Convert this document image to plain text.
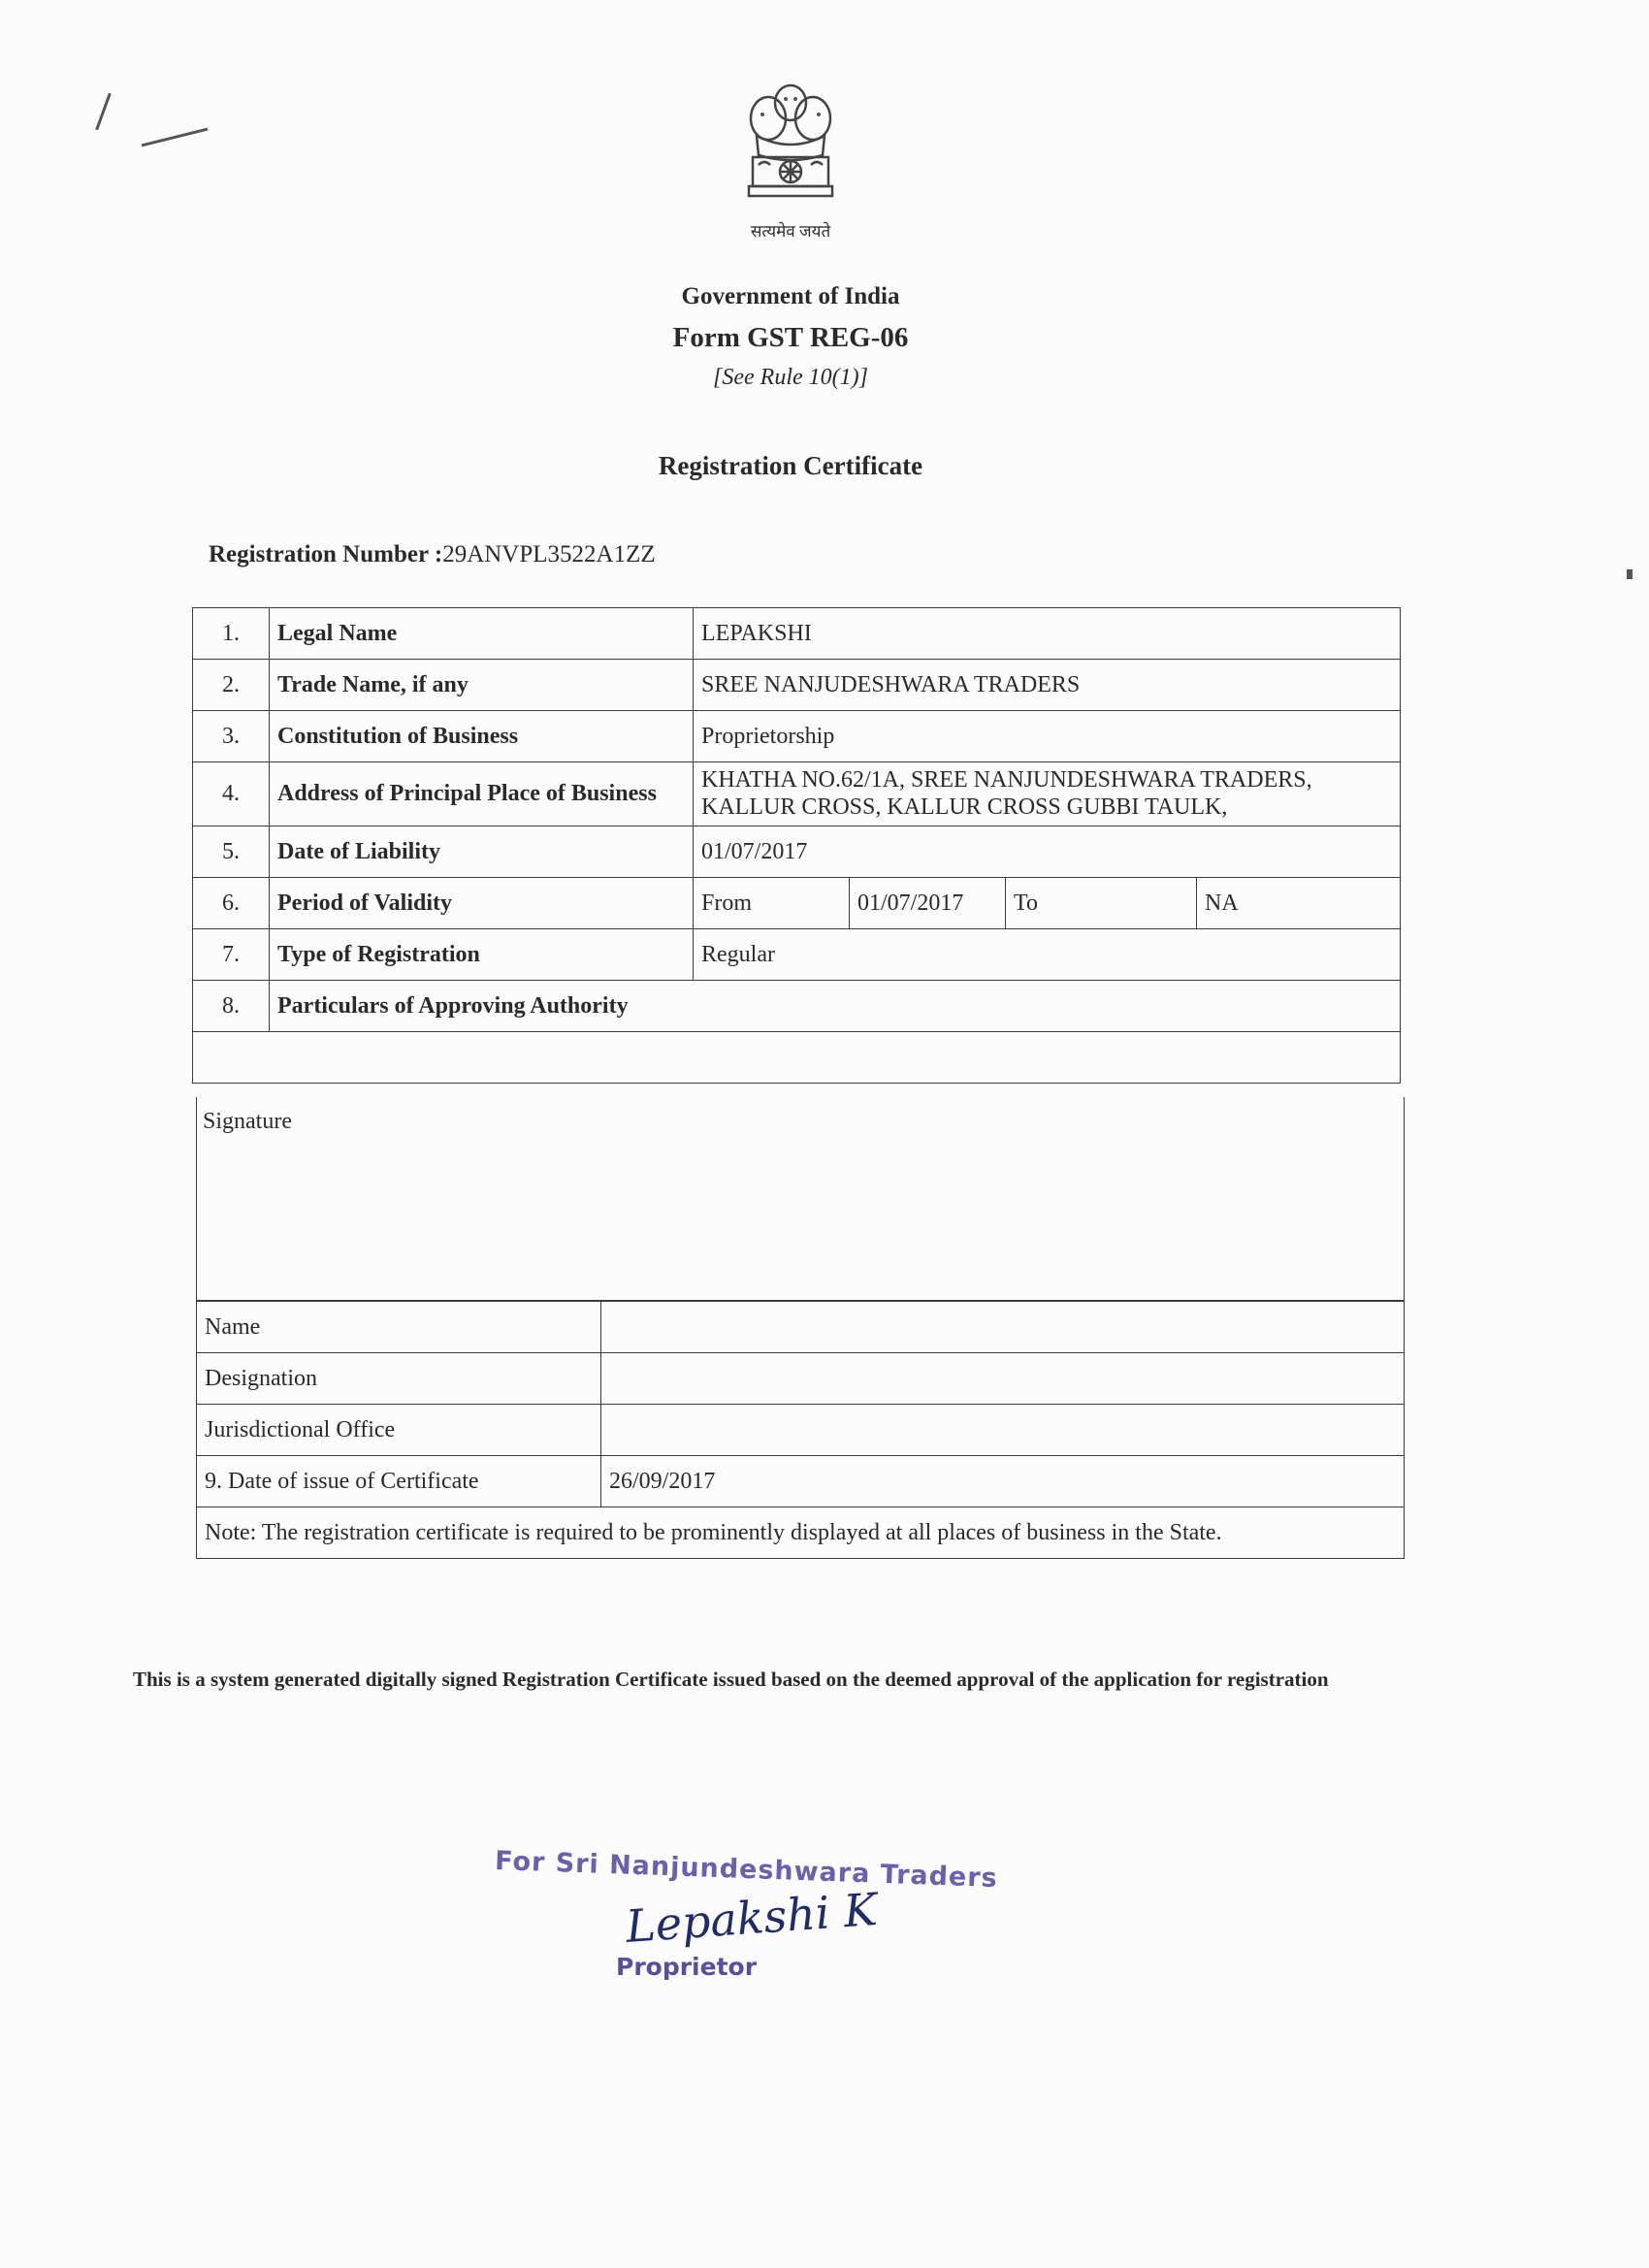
सत्यमेव जयते
Government of India
Form GST REG-06
[See Rule 10(1)]
Registration Certificate
Registration Number :29ANVPL3522A1ZZ
1.	Legal Name	LEPAKSHI			
2.	Trade Name, if any	SREE NANJUDESHWARA TRADERS			
3.	Constitution of Business	Proprietorship			
4.	Address of Principal Place of Business	KHATHA NO.62/1A, SREE NANJUNDESHWARA TRADERS, KALLUR CROSS, KALLUR CROSS GUBBI TAULK,			
5.	Date of Liability	01/07/2017			
6.	Period of Validity	From	01/07/2017	To	NA
7.	Type of Registration	Regular			
8.	Particulars of Approving Authority				

Signature
Name	
Designation	
Jurisdictional Office	
9. Date of issue of Certificate	26/09/2017
Note: The registration certificate is required to be prominently displayed at all places of business in the State.	
This is a system generated digitally signed Registration Certificate issued based on the deemed approval of the application for registration
For Sri Nanjundeshwara Traders
Lepakshi K
Proprietor
